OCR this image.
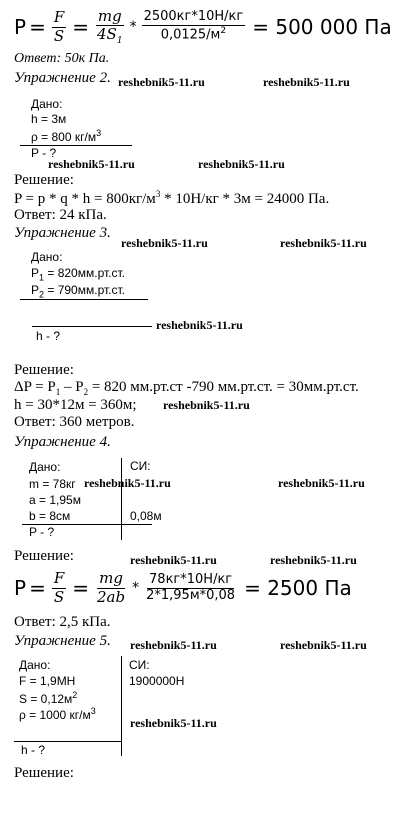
$P = \frac{F}{S} = \frac{mg}{4S_1} * \frac{2500кг*10Н/кг}{0,0125/м^2} = 500$ 000 Па
Ответ: 50к Па.
Упражнение 2. reshebnik5-11.ru	reshebnik5-11.ru
Дано:
h = 3м
ρ = 800 $кг/м^3$
P - ?
reshebnik5-11.ru	reshebnik5-11.ru
Решение:
$P = p * q * h = 800кг/м^3 * 10Н/кг * 3м = 24000$ Па.
Ответ: 24 кПа.
Упражнение 3.
reshebnik5-11.ru	reshebnik5-11.ru
Дано:
$P_1 = 820мм.рт.ст$.
$P_2 = 790мм.рт.ст$.
reshebnik5-11.ru
h - ?
Решение:
$\Delta P = P_1 - P_2 = 820$ мм.рт.ст -790 мм.рт.ст. = 30мм.рт.ст.
h = 30*12м = 360м; reshebnik5-11.ru
Ответ: 360 метров.
Упражнение 4.
Дано:	СИ:
m = 78кг reshebnik5-11.ru	reshebnik5-11.ru
a = 1,95м
b = 8см	0,08м
P - ?
Решение:	reshebnik5-11.ru	reshebnik5-11.ru
$P = \frac{F}{S} = \frac{mg}{2ab} * \frac{78кг*10Н/кг}{2*1,95м*0,08} = 2500$ Па
Ответ: 2,5 кПа.
Упражнение 5. reshebnik5-11.ru	reshebnik5-11.ru
Дано:	СИ:
F = 1,9МН	1900000Н
$S = 0,12м^2$
ρ = 1000 $кг/м^3$
reshebnik5-11.ru
h - ?
Решение:
